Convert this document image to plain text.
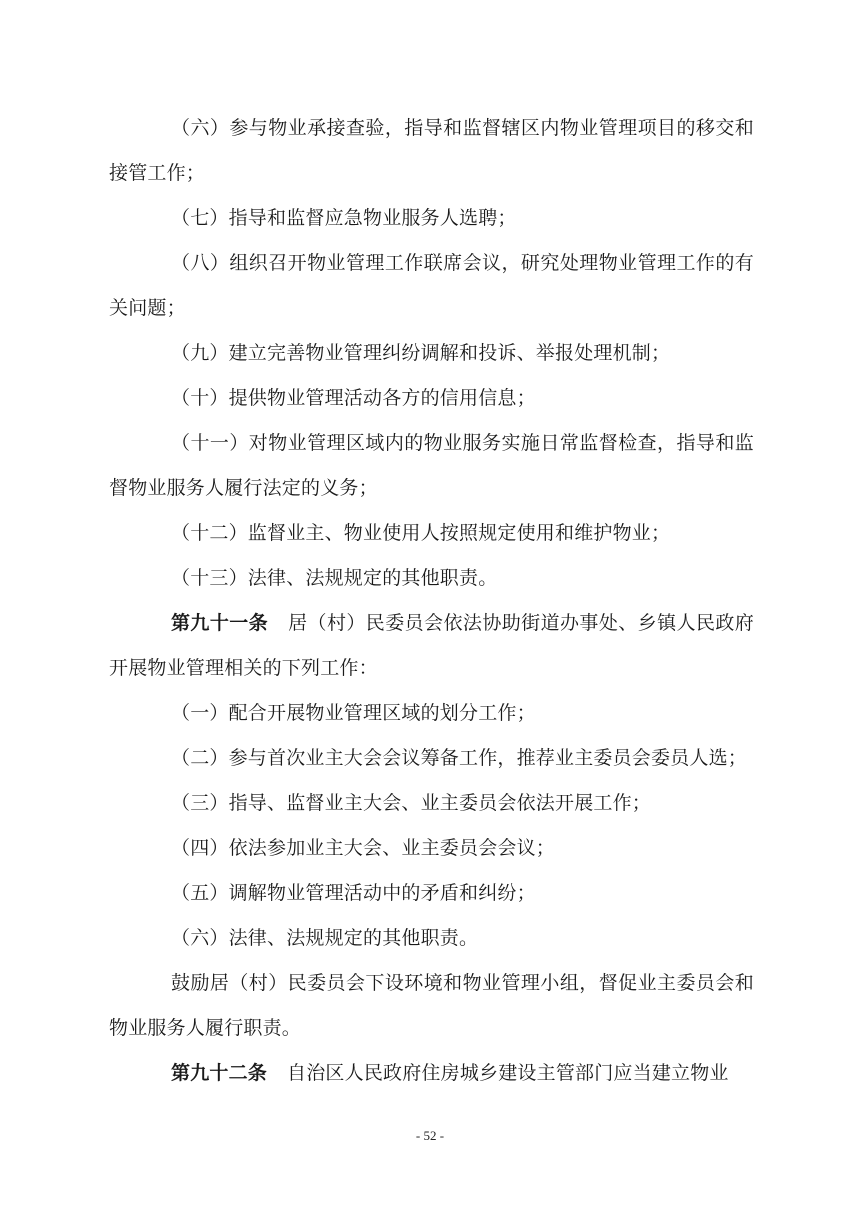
（六）参与物业承接查验，指导和监督辖区内物业管理项目的移交和接管工作；

（七）指导和监督应急物业服务人选聘；

（八）组织召开物业管理工作联席会议，研究处理物业管理工作的有关问题；

（九）建立完善物业管理纠纷调解和投诉、举报处理机制；

（十）提供物业管理活动各方的信用信息；

（十一）对物业管理区域内的物业服务实施日常监督检查，指导和监督物业服务人履行法定的义务；

（十二）监督业主、物业使用人按照规定使用和维护物业；

（十三）法律、法规规定的其他职责。

第九十一条 居（村）民委员会依法协助街道办事处、乡镇人民政府开展物业管理相关的下列工作：

（一）配合开展物业管理区域的划分工作；

（二）参与首次业主大会会议筹备工作，推荐业主委员会委员人选；

（三）指导、监督业主大会、业主委员会依法开展工作；

（四）依法参加业主大会、业主委员会会议；

（五）调解物业管理活动中的矛盾和纠纷；

（六）法律、法规规定的其他职责。

鼓励居（村）民委员会下设环境和物业管理小组，督促业主委员会和物业服务人履行职责。

第九十二条 自治区人民政府住房城乡建设主管部门应当建立物业

- 52 -
